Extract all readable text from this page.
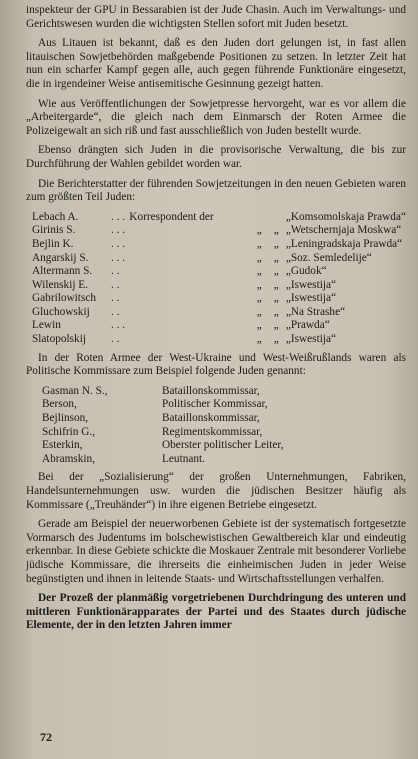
inspekteur der GPU in Bessarabien ist der Jude Chasin. Auch im Verwaltungs- und Gerichtswesen wurden die wichtigsten Stellen sofort mit Juden besetzt.

Aus Litauen ist bekannt, daß es den Juden dort gelungen ist, in fast allen litauischen Sowjetbehörden maßgebende Positionen zu setzen. In letzter Zeit hat nun ein scharfer Kampf gegen alle, auch gegen führende Funktionäre eingesetzt, die in irgendeiner Weise antisemitische Gesinnung gezeigt hatten.

Wie aus Veröffentlichungen der Sowjetpresse hervorgeht, war es vor allem die „Arbeitergarde“, die gleich nach dem Einmarsch der Roten Armee die Polizeigewalt an sich riß und fast ausschließlich von Juden bestellt wurde.

Ebenso drängten sich Juden in die provisorische Verwaltung, die bis zur Durchführung der Wahlen gebildet worden war.

Die Berichterstatter der führenden Sowjetzeitungen in den neuen Gebieten waren zum größten Teil Juden:

Lebach A.	. . .	Korrespondent der			„Komsomolskaja Prawda“
Girinis S.	. . .		„	„	„Wetschernjaja Moskwa“
Bejlin K.	. . .		„	„	„Leningradskaja Prawda“
Angarskij S.	. . .		„	„	„Soz. Semledelije“
Altermann S.	. .		„	„	„Gudok“
Wilenskij E.	. .		„	„	„Iswestija“
Gabrilowitsch	. .		„	„	„Iswestija“
Gluchowskij	. .		„	„	„Na Strashe“
Lewin	. . .		„	„	„Prawda“
Slatopolskij	. .		„	„	„Iswestija“

In der Roten Armee der West-Ukraine und West-Weißrußlands waren als Politische Kommissare zum Beispiel folgende Juden genannt:

Gasman N. S.,	Bataillonskommissar,
Berson,	Politischer Kommissar,
Bejlinson,	Bataillonskommissar,
Schifrin G.,	Regimentskommissar,
Esterkin,	Oberster politischer Leiter,
Abramskin,	Leutnant.

Bei der „Sozialisierung“ der großen Unternehmungen, Fabriken, Handelsunternehmungen usw. wurden die jüdischen Besitzer häufig als Kommissare („Treuhänder“) in ihre eigenen Betriebe eingesetzt.

Gerade am Beispiel der neuerworbenen Gebiete ist der systematisch fortgesetzte Vormarsch des Judentums im bolschewistischen Gewaltbereich klar und eindeutig erkennbar. In diese Gebiete schickte die Moskauer Zentrale mit besonderer Vorliebe jüdische Kommissare, die ihrerseits die einheimischen Juden in jeder Weise begünstigten und ihnen in leitende Staats- und Wirtschaftsstellungen verhalfen.

Der Prozeß der planmäßig vorgetriebenen Durchdringung des unteren und mittleren Funktionärapparates der Partei und des Staates durch jüdische Elemente, der in den letzten Jahren immer

72
